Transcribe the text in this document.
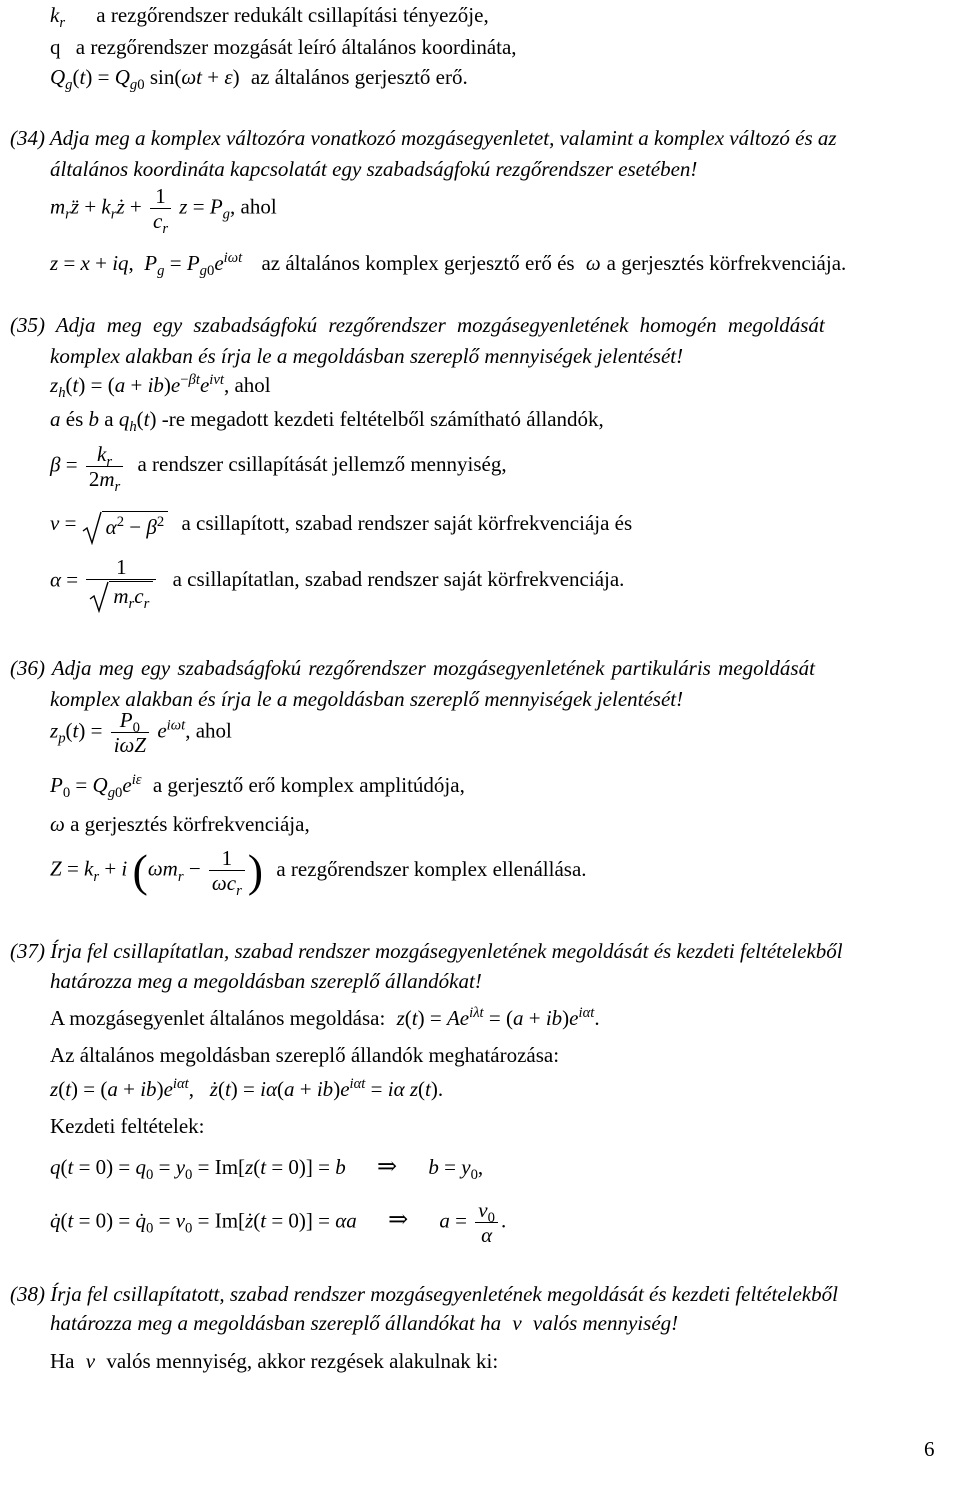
$k_r$ a rezgőrendszer redukált csillapítási tényezője,
q a rezgőrendszer mozgását leíró általános koordináta,
$Q_g(t) = Q_{g0}$ sin(ωt + ε) az általános gerjesztő erő.
(34) Adja meg a komplex változóra vonatkozó mozgásegyenletet, valamint a komplex változó és az
általános koordináta kapcsolatát egy szabadságfokú rezgőrendszer esetében!
$m_rz̈$ + $k_rż + \frac{1}{c_r}$ $z = P_g$, ahol
z = x + iq,  $P_g = P_{g0}e^{i\omega t}$ az általános komplex gerjesztő erő és ω a gerjesztés körfrekvenciája.
(35) Adja meg egy szabadságfokú rezgőrendszer mozgásegyenletének homogén megoldását
komplex alakban és írja le a megoldásban szereplő mennyiségek jelentését!
$z_h(t) = (a + ib)e^{-\beta t}e^{i\nu t}$, ahol
a és b a $q_h(t)$ -re megadott kezdeti feltételből számítható állandók,
$\beta = \frac{k_r}{2m_r}$ a rendszer csillapítását jellemző mennyiség,
ν =
$\alpha^2 - \beta^2$ a csillapított, szabad rendszer saját körfrekvenciája és
$\alpha = \frac{1}{m_rc_r}$ a csillapítatlan, szabad rendszer saját körfrekvenciája.
(36) Adja meg egy szabadságfokú rezgőrendszer mozgásegyenletének partikuláris megoldását
komplex alakban és írja le a megoldásban szereplő mennyiségek jelentését!
$z_p(t) = \frac{P_0}{\text{iωZ}} e^{i\omega t}$, ahol
$P_0 = Q_{g0}e^{i\varepsilon}$ a gerjesztő erő komplex amplitúdója,
ω a gerjesztés körfrekvenciája,
$Z = k_r + i$ ($\omega m_r - \frac{1}{\omega c_r}$ ) a rezgőrendszer komplex ellenállása.
(37) Írja fel csillapítatlan, szabad rendszer mozgásegyenletének megoldását és kezdeti feltételekből
határozza meg a megoldásban szereplő állandókat!
A mozgásegyenlet általános megoldása: $z(t) = Ae^{i\lambda t} = (a + ib)e^{i\alpha t}$.
Az általános megoldásban szereplő állandók meghatározása:
$z(t) = (a + ib)e^{i\alpha t}$,   ż(t) = $i\alpha(a + ib)e^{i\alpha t} = i\alpha$ z(t).
Kezdeti feltételek:
$q(t = 0) = q_0 = y_0 = Im[z(t = 0)] = b$ ⇒ $b = y_0$,
q̇(t = $0) = q̇_0 = v_0$ = Im[ż(t = 0)] = αa ⇒ $a = \frac{v_0}{\alpha}$ .
(38) Írja fel csillapítatott, szabad rendszer mozgásegyenletének megoldását és kezdeti feltételekből
határozza meg a megoldásban szereplő állandókat ha ν valós mennyiség!
Ha ν valós mennyiség, akkor rezgések alakulnak ki:
6
